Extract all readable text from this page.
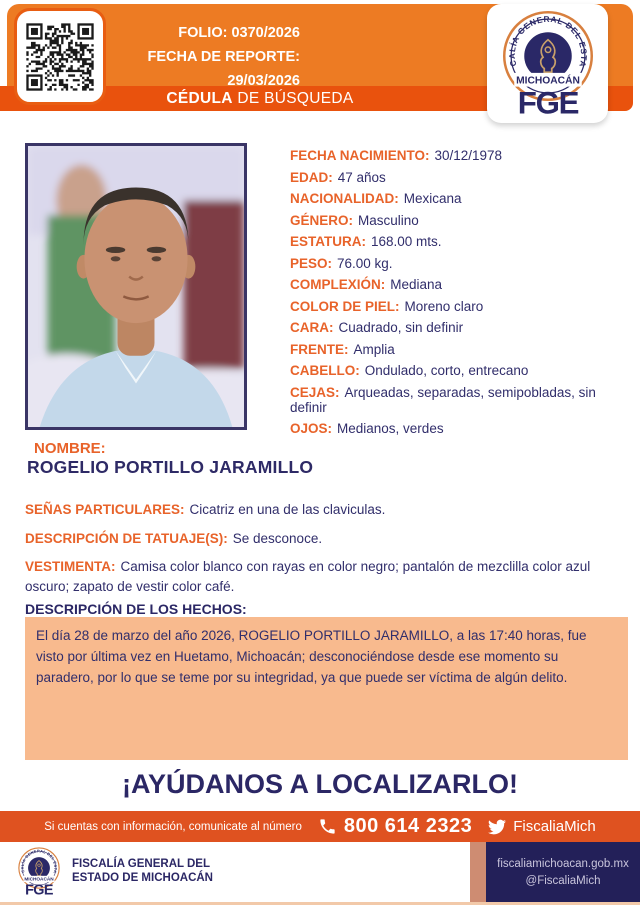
FOLIO: 0370/2026
FECHA DE REPORTE: 29/03/2026
CÉDULA DE BÚSQUEDA
FECHA NACIMIENTO: 30/12/1978
EDAD: 47 años
NACIONALIDAD: Mexicana
GÉNERO: Masculino
ESTATURA: 168.00 mts.
PESO: 76.00 kg.
COMPLEXIÓN: Mediana
COLOR DE PIEL: Moreno claro
CARA: Cuadrado, sin definir
FRENTE: Amplia
CABELLO: Ondulado, corto, entrecano
CEJAS: Arqueadas, separadas, semipobladas, sin definir
OJOS: Medianos, verdes
NOMBRE:
ROGELIO PORTILLO JARAMILLO
SEÑAS PARTICULARES: Cicatriz en una de las claviculas.
DESCRIPCIÓN DE TATUAJE(S): Se desconoce.
VESTIMENTA: Camisa color blanco con rayas en color negro; pantalón de mezclilla color azul oscuro; zapato de vestir color café.
DESCRIPCIÓN DE LOS HECHOS:
El día 28 de marzo del año 2026, ROGELIO PORTILLO JARAMILLO, a las 17:40 horas, fue visto por última vez en Huetamo, Michoacán; desconociéndose desde ese momento su paradero, por lo que se teme por su integridad, ya que puede ser víctima de algún delito.
¡AYÚDANOS A LOCALIZARLO!
Si cuentas con información, comunicate al número 800 614 2323	FiscaliaMich
FISCALÍA GENERAL DEL
ESTADO DE MICHOACÁN
fiscaliamichoacan.gob.mx
@FiscaliaMich
